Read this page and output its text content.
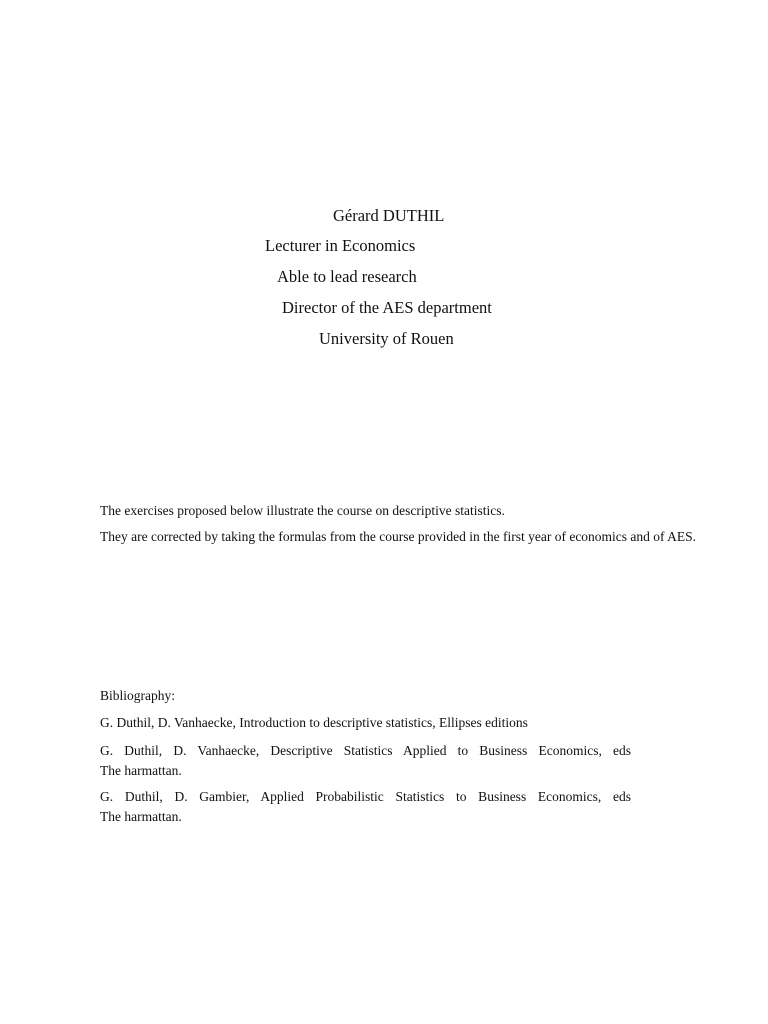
Gérard DUTHIL
Lecturer in Economics
Able to lead research
Director of the AES department
University of Rouen
The exercises proposed below illustrate the course on descriptive statistics.
They are corrected by taking the formulas from the course provided in the first year of economics and of AES.
Bibliography:
G. Duthil, D. Vanhaecke, Introduction to descriptive statistics, Ellipses editions
G. Duthil, D. Vanhaecke, Descriptive Statistics Applied to Business Economics, eds
The harmattan.
G. Duthil, D. Gambier, Applied Probabilistic Statistics to Business Economics, eds
The harmattan.
